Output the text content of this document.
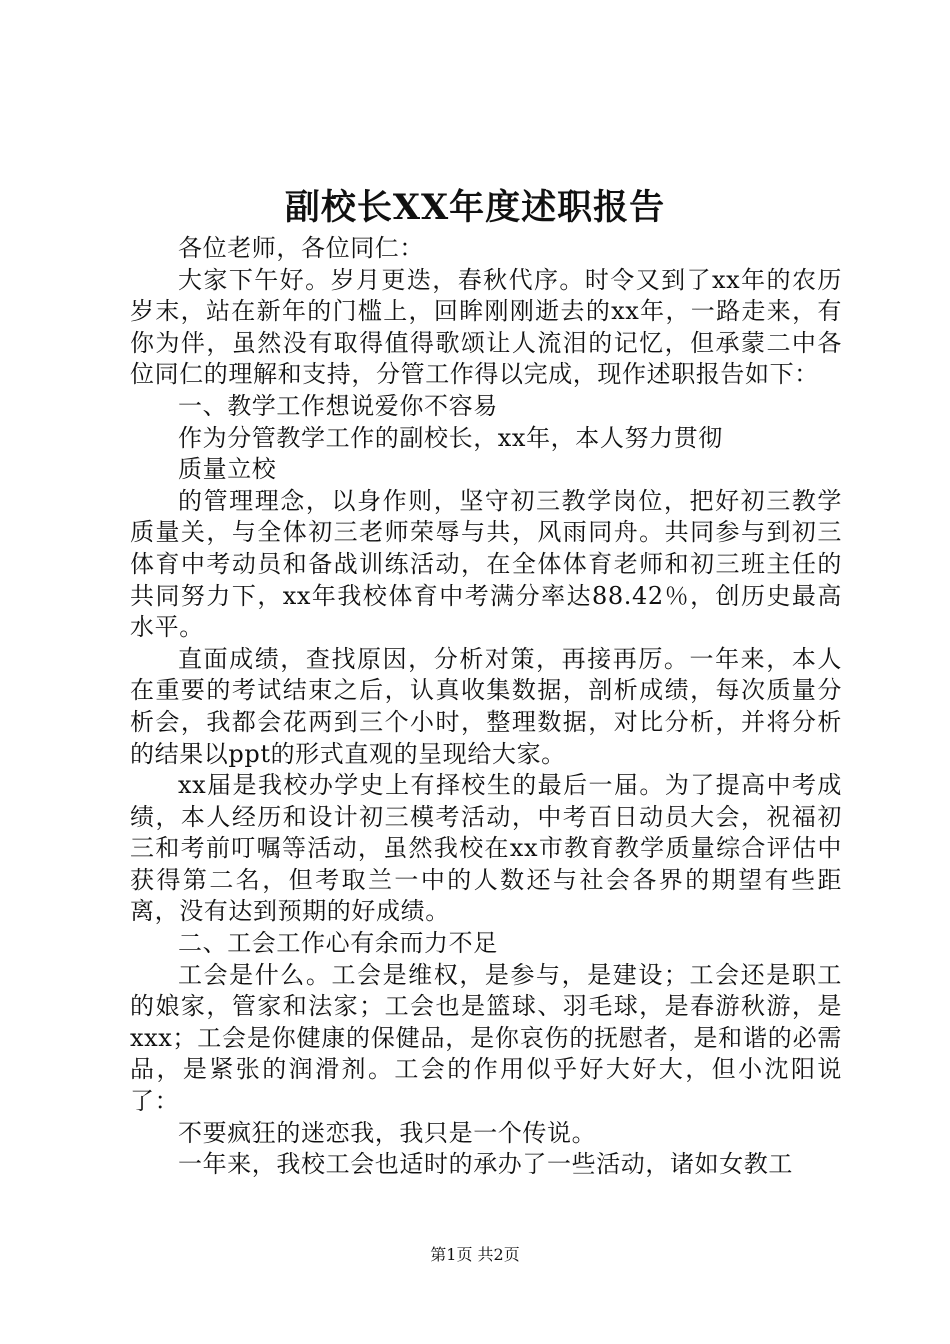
副校长XX年度述职报告

各位老师，各位同仁：

大家下午好。岁月更迭，春秋代序。时令又到了xx年的农历岁末，站在新年的门槛上，回眸刚刚逝去的xx年，一路走来，有你为伴，虽然没有取得值得歌颂让人流泪的记忆，但承蒙二中各位同仁的理解和支持，分管工作得以完成，现作述职报告如下：

一、教学工作想说爱你不容易

作为分管教学工作的副校长，xx年，本人努力贯彻

质量立校

的管理理念，以身作则，坚守初三教学岗位，把好初三教学质量关，与全体初三老师荣辱与共，风雨同舟。共同参与到初三体育中考动员和备战训练活动，在全体体育老师和初三班主任的共同努力下，xx年我校体育中考满分率达88.42％，创历史最高水平。

直面成绩，查找原因，分析对策，再接再厉。一年来，本人在重要的考试结束之后，认真收集数据，剖析成绩，每次质量分析会，我都会花两到三个小时，整理数据，对比分析，并将分析的结果以ppt的形式直观的呈现给大家。

xx届是我校办学史上有择校生的最后一届。为了提高中考成绩，本人经历和设计初三模考活动，中考百日动员大会，祝福初三和考前叮嘱等活动，虽然我校在xx市教育教学质量综合评估中获得第二名，但考取兰一中的人数还与社会各界的期望有些距离，没有达到预期的好成绩。

二、工会工作心有余而力不足

工会是什么。工会是维权，是参与，是建设；工会还是职工的娘家，管家和法家；工会也是篮球、羽毛球，是春游秋游，是xxx；工会是你健康的保健品，是你哀伤的抚慰者，是和谐的必需品，是紧张的润滑剂。工会的作用似乎好大好大，但小沈阳说了：

不要疯狂的迷恋我，我只是一个传说。

一年来，我校工会也适时的承办了一些活动，诸如女教工

第1页 共2页
